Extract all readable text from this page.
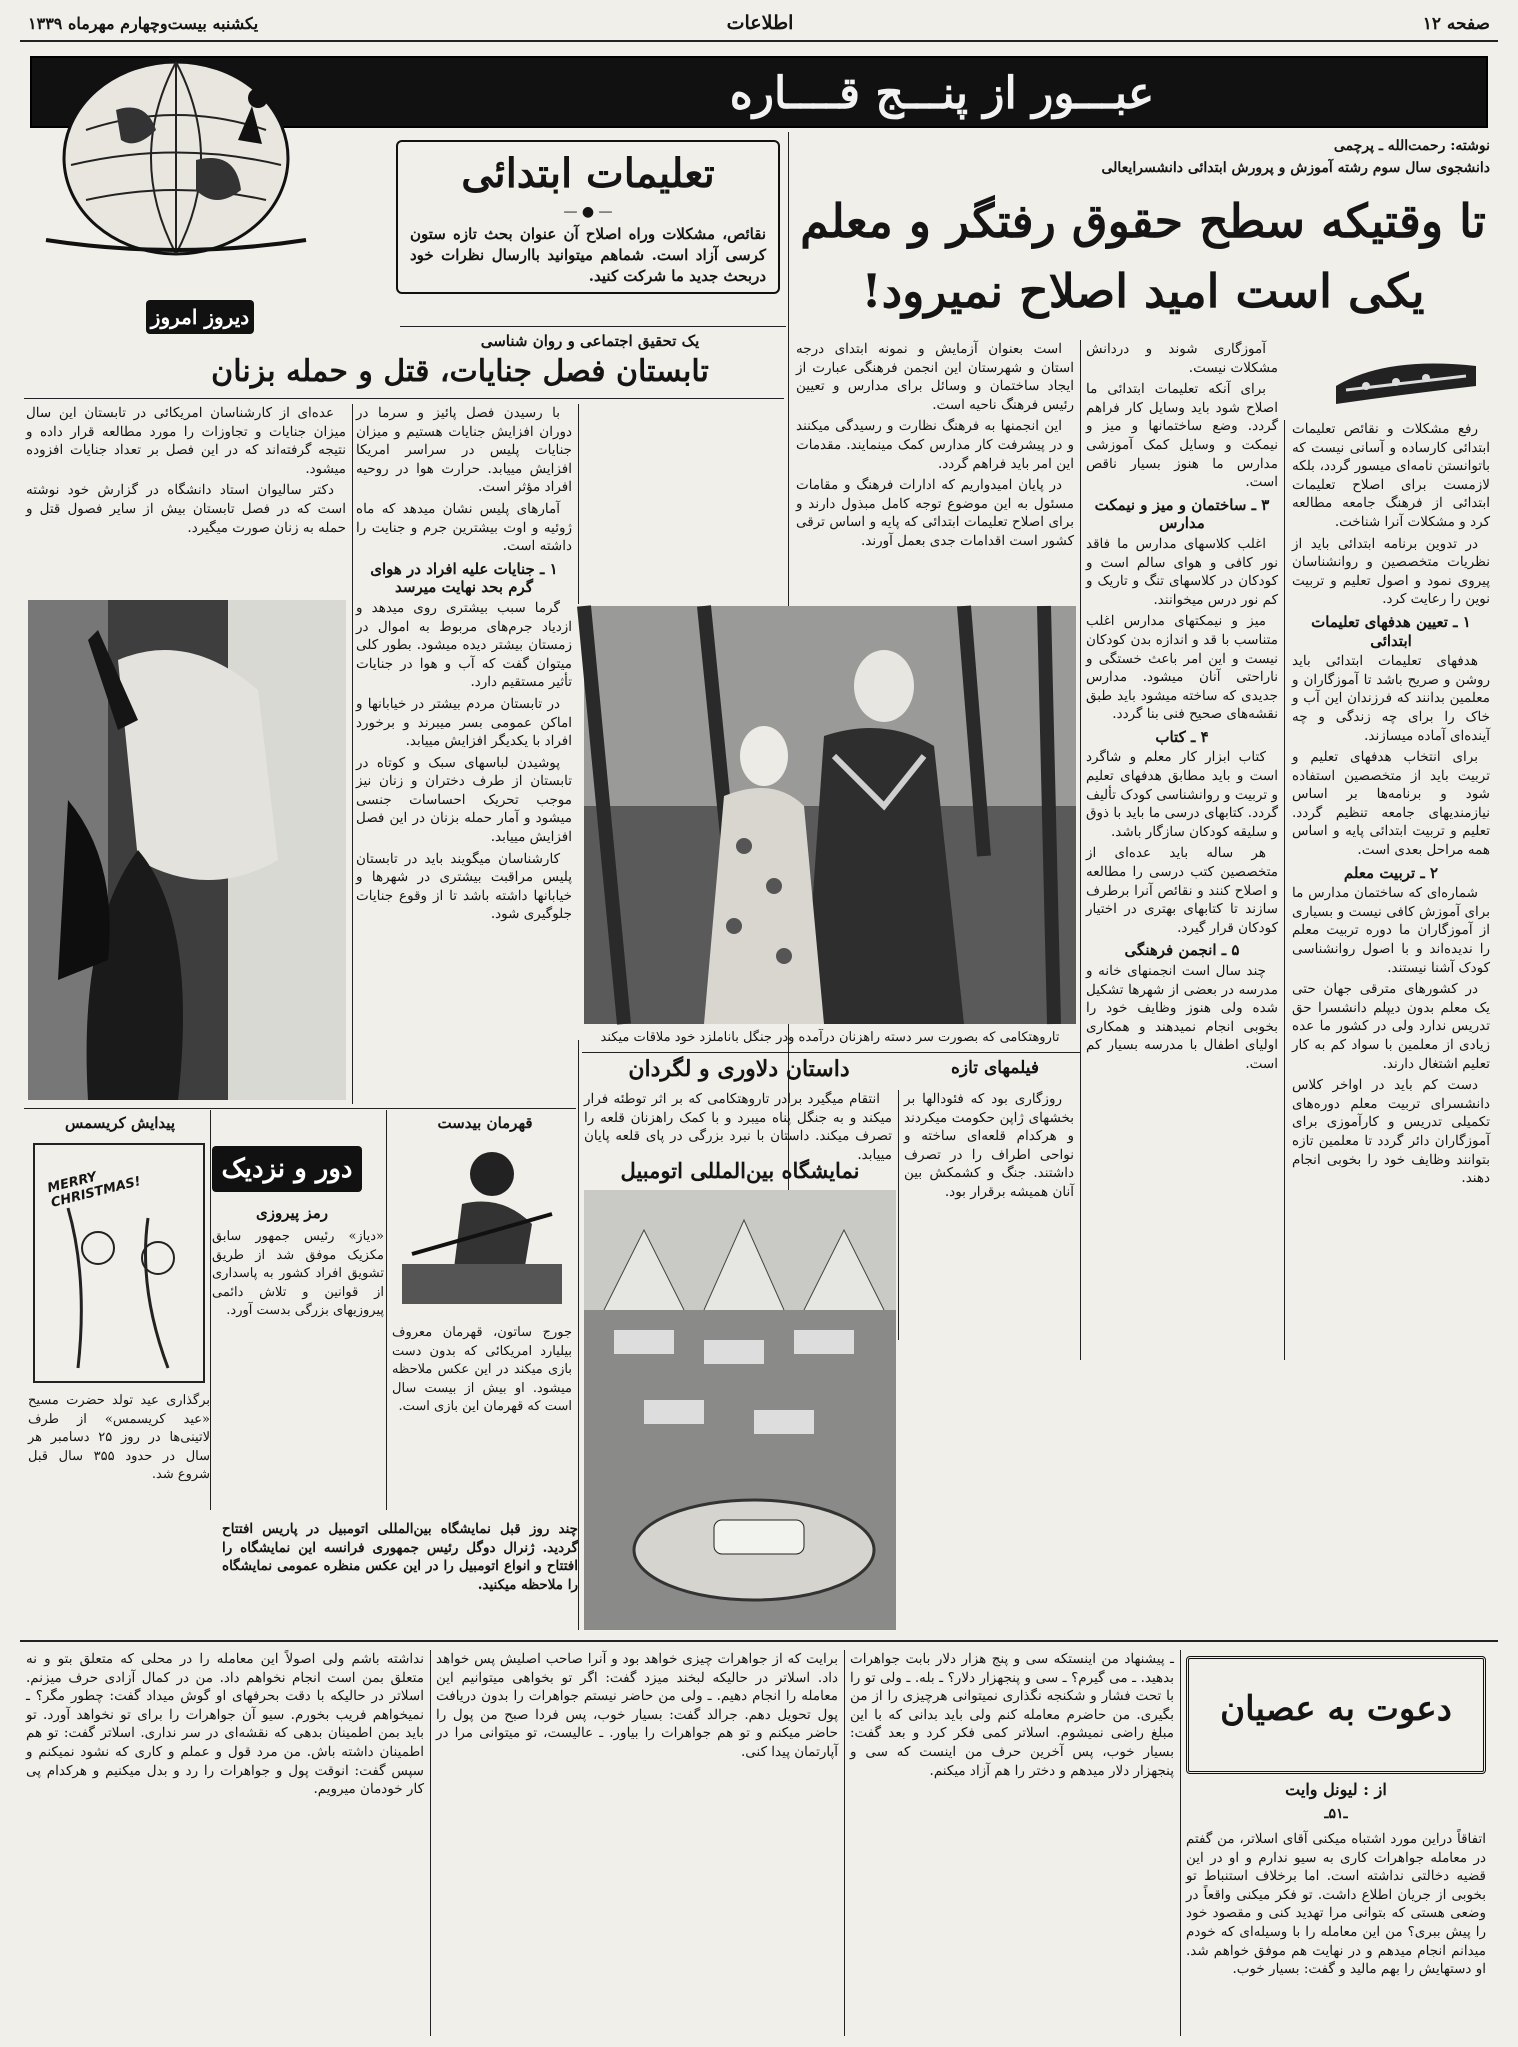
صفحه ۱۲
اطلاعات
یکشنبه بیست‌وچهارم مهرماه ۱۳۳۹
عبـــور از پنـــج قــــاره
تعلیمات ابتدائی
— ● —
نقائص، مشکلات وراه اصلاح آن عنوان بحث تازه ستون کرسی آزاد است. شماهم میتوانید باارسال نظرات خود دربحث جدید ما شرکت کنید.
نوشته: رحمت‌الله ـ پرچمی
دانشجوی سال سوم رشته آموزش و پرورش ابتدائی دانشسرایعالی
تا وقتیکه سطح حقوق رفتگر و معلم یکی است امید اصلاح نمیرود!

رفع مشکلات و نقائص تعلیمات ابتدائی کارساده و آسانی نیست که باتوانستن نامه‌ای میسور گردد، بلکه لازمست برای اصلاح تعلیمات ابتدائی از فرهنگ جامعه مطالعه کرد و مشکلات آنرا شناخت.

در تدوین برنامه ابتدائی باید از نظریات متخصصین و روانشناسان پیروی نمود و اصول تعلیم و تربیت نوین را رعایت کرد.

۱ ـ تعیین هدفهای تعلیمات ابتدائی

هدفهای تعلیمات ابتدائی باید روشن و صریح باشد تا آموزگاران و معلمین بدانند که فرزندان این آب و خاک را برای چه زندگی و چه آینده‌ای آماده میسازند.

برای انتخاب هدفهای تعلیم و تربیت باید از متخصصین استفاده شود و برنامه‌ها بر اساس نیازمندیهای جامعه تنظیم گردد. تعلیم و تربیت ابتدائی پایه و اساس همه مراحل بعدی است.

۲ ـ تربیت معلم

شماره‌ای که ساختمان مدارس ما برای آموزش کافی نیست و بسیاری از آموزگاران ما دوره تربیت معلم را ندیده‌اند و با اصول روانشناسی کودک آشنا نیستند.

در کشورهای مترقی جهان حتی یک معلم بدون دیپلم دانشسرا حق تدریس ندارد ولی در کشور ما عده زیادی از معلمین با سواد کم به کار تعلیم اشتغال دارند.

دست کم باید در اواخر کلاس دانشسرای تربیت معلم دوره‌های تکمیلی تدریس و کارآموزی برای آموزگاران دائر گردد تا معلمین تازه بتوانند وظایف خود را بخوبی انجام دهند.

آموزگاری شوند و دردانش مشکلات نیست.

برای آنکه تعلیمات ابتدائی ما اصلاح شود باید وسایل کار فراهم گردد. وضع ساختمانها و میز و نیمکت و وسایل کمک آموزشی مدارس ما هنوز بسیار ناقص است.

۳ ـ ساختمان و میز و نیمکت مدارس

اغلب کلاسهای مدارس ما فاقد نور کافی و هوای سالم است و کودکان در کلاسهای تنگ و تاریک و کم نور درس میخوانند.

میز و نیمکتهای مدارس اغلب متناسب با قد و اندازه بدن کودکان نیست و این امر باعث خستگی و ناراحتی آنان میشود. مدارس جدیدی که ساخته میشود باید طبق نقشه‌های صحیح فنی بنا گردد.

۴ ـ کتاب

کتاب ابزار کار معلم و شاگرد است و باید مطابق هدفهای تعلیم و تربیت و روانشناسی کودک تألیف گردد. کتابهای درسی ما باید با ذوق و سلیقه کودکان سازگار باشد.

هر ساله باید عده‌ای از متخصصین کتب درسی را مطالعه و اصلاح کنند و نقائص آنرا برطرف سازند تا کتابهای بهتری در اختیار کودکان قرار گیرد.

۵ ـ انجمن فرهنگی

چند سال است انجمنهای خانه و مدرسه در بعضی از شهرها تشکیل شده ولی هنوز وظایف خود را بخوبی انجام نمیدهند و همکاری اولیای اطفال با مدرسه بسیار کم است.

است بعنوان آزمایش و نمونه ابتدای درجه استان و شهرستان این انجمن فرهنگی عبارت از ایجاد ساختمان و وسائل برای مدارس و تعیین رئیس فرهنگ ناحیه است.

این انجمنها به فرهنگ نظارت و رسیدگی میکنند و در پیشرفت کار مدارس کمک مینمایند. مقدمات این امر باید فراهم گردد.

در پایان امیدواریم که ادارات فرهنگ و مقامات مسئول به این موضوع توجه کامل مبذول دارند و برای اصلاح تعلیمات ابتدائی که پایه و اساس ترقی کشور است اقدامات جدی بعمل آورند.

دیروز امروز
یک تحقیق اجتماعی و روان شناسی
تابستان فصل جنایات، قتل و حمله بزنان

عده‌ای از کارشناسان امریکائی در تابستان این سال میزان جنایات و تجاوزات را مورد مطالعه قرار داده و نتیجه گرفته‌اند که در این فصل بر تعداد جنایات افزوده میشود.

دکتر سالیوان استاد دانشگاه در گزارش خود نوشته است که در فصل تابستان بیش از سایر فصول قتل و حمله به زنان صورت میگیرد.

با رسیدن فصل پائیز و سرما در دوران افزایش جنایات هستیم و میزان جنایات پلیس در سراسر امریکا افزایش مییابد. حرارت هوا در روحیه افراد مؤثر است.

آمارهای پلیس نشان میدهد که ماه ژوئیه و اوت بیشترین جرم و جنایت را داشته است.

۱ ـ جنایات علیه افراد در هوای گرم بحد نهایت میرسد

گرما سبب بیشتری روی میدهد و ازدیاد جرم‌های مربوط به اموال در زمستان بیشتر دیده میشود. بطور کلی میتوان گفت که آب و هوا در جنایات تأثیر مستقیم دارد.

در تابستان مردم بیشتر در خیابانها و اماکن عمومی بسر میبرند و برخورد افراد با یکدیگر افزایش مییابد.

پوشیدن لباسهای سبک و کوتاه در تابستان از طرف دختران و زنان نیز موجب تحریک احساسات جنسی میشود و آمار حمله بزنان در این فصل افزایش مییابد.

کارشناسان میگویند باید در تابستان پلیس مراقبت بیشتری در شهرها و خیابانها داشته باشد تا از وقوع جنایات جلوگیری شود.

تاروهتکامی که بصورت سر دسته راهزنان درآمده ودر جنگل باناملزد خود ملاقات میکند
فیلمهای تازه
داستان دلاوری و لگردان

روزگاری بود که فئودالها بر بخشهای ژاپن حکومت میکردند و هرکدام قلعه‌ای ساخته و نواحی اطراف را در تصرف داشتند. جنگ و کشمکش بین آنان همیشه برقرار بود.

انتقام میگیرد برادر تاروهتکامی که بر اثر توطئه فرار میکند و به جنگل پناه میبرد و با کمک راهزنان قلعه را تصرف میکند. داستان با نبرد بزرگی در پای قلعه پایان مییابد.

نمایشگاه بین‌المللی اتومبیل
چند روز قبل نمایشگاه بین‌المللی اتومبیل در پاریس افتتاح گردید. ژنرال دوگل رئیس جمهوری فرانسه این نمایشگاه را افتتاح و انواع اتومبیل را در این عکس منظره عمومی نمایشگاه را ملاحظه میکنید.
قهرمان بیدست
پیدایش کریسمس
دور و نزدیک
MERRY CHRISTMAS!
رمز پیروزی
«دیاز» رئیس جمهور سابق مکزیک موفق شد از طریق تشویق افراد کشور به پاسداری از قوانین و تلاش دائمی پیروزیهای بزرگی بدست آورد.
جورج ساتون، قهرمان معروف بیلیارد امریکائی که بدون دست بازی میکند در این عکس ملاحظه میشود. او بیش از بیست سال است که قهرمان این بازی است.
برگذاری عید تولد حضرت مسیح «عید کریسمس» از طرف لاتینی‌ها در روز ۲۵ دسامبر هر سال در حدود ۳۵۵ سال قبل شروع شد.
دعوت به عصیان
از : لیونل وایت
ـ۵۱ـ
اتفاقاً دراین مورد اشتباه میکنی آقای اسلاتر، من گفتم در معامله جواهرات کاری به سیو ندارم و او در این قضیه دخالتی نداشته است. اما برخلاف استنباط تو بخوبی از جریان اطلاع داشت. تو فکر میکنی واقعاً در وضعی هستی که بتوانی مرا تهدید کنی و مقصود خود را پیش ببری؟ من این معامله را با وسیله‌ای که خودم میدانم انجام میدهم و در نهایت هم موفق خواهم شد. او دستهایش را بهم مالید و گفت: بسیار خوب.
ـ پیشنهاد من اینستکه سی و پنج هزار دلار بابت جواهرات بدهید. ـ می گیرم؟ ـ سی و پنجهزار دلار؟ ـ بله. ـ ولی تو را با تحت فشار و شکنجه نگذاری نمیتوانی هرچیزی را از من بگیری. من حاضرم معامله کنم ولی باید بدانی که با این مبلغ راضی نمیشوم. اسلاتر کمی فکر کرد و بعد گفت: بسیار خوب، پس آخرین حرف من اینست که سی و پنجهزار دلار میدهم و دختر را هم آزاد میکنم.
برایت که از جواهرات چیزی خواهد بود و آنرا صاحب اصلیش پس خواهد داد. اسلاتر در حالیکه لبخند میزد گفت: اگر تو بخواهی میتوانیم این معامله را انجام دهیم. ـ ولی من حاضر نیستم جواهرات را بدون دریافت پول تحویل دهم. جرالد گفت: بسیار خوب، پس فردا صبح من پول را حاضر میکنم و تو هم جواهرات را بیاور. ـ عالیست، تو میتوانی مرا در آپارتمان پیدا کنی.
نداشته باشم ولی اصولاً این معامله را در محلی که متعلق بتو و نه متعلق بمن است انجام نخواهم داد. من در کمال آزادی حرف میزنم. اسلاتر در حالیکه با دقت بحرفهای او گوش میداد گفت: چطور مگر؟ ـ نمیخواهم فریب بخورم. سیو آن جواهرات را برای تو نخواهد آورد. تو باید بمن اطمینان بدهی که نقشه‌ای در سر نداری. اسلاتر گفت: تو هم اطمینان داشته باش. من مرد قول و عملم و کاری که نشود نمیکنم و سپس گفت: انوقت پول و جواهرات را رد و بدل میکنیم و هرکدام پی کار خودمان میرویم.
